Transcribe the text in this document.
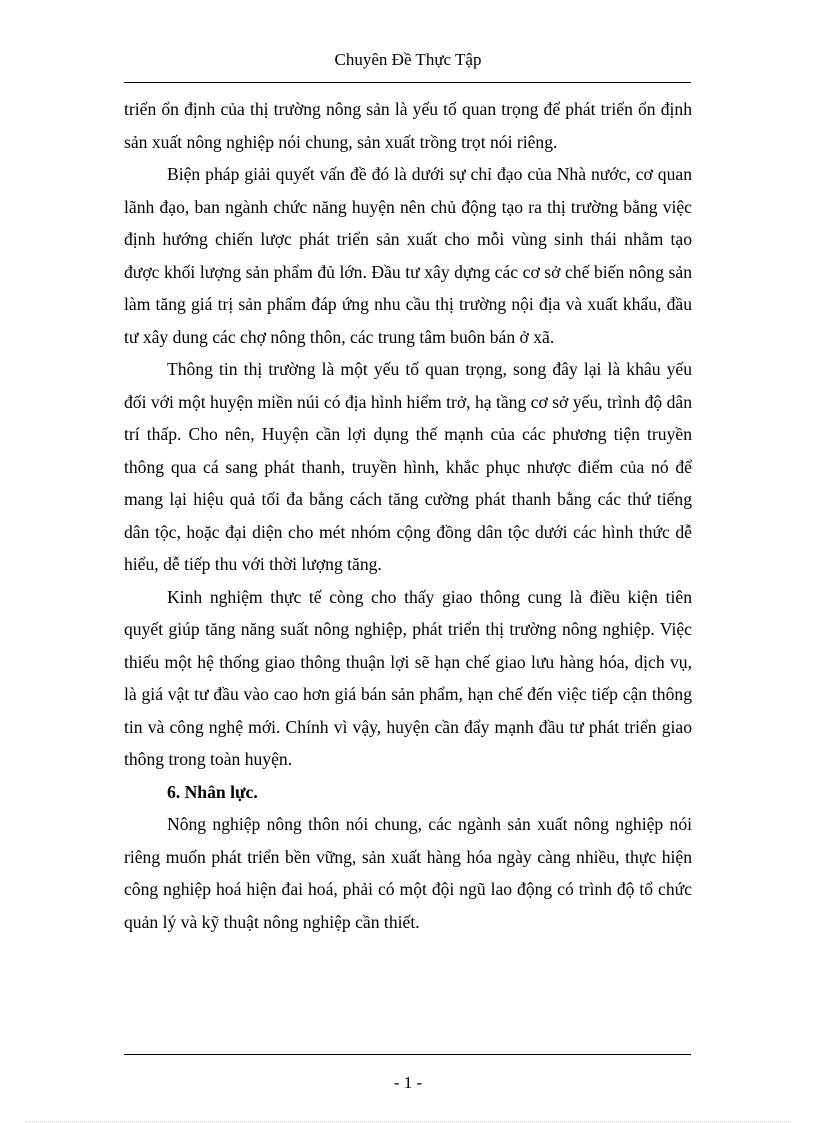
Chuyên Đề Thực Tập

triển ổn định của thị trường nông sản là yếu tố quan trọng để phát triển ổn định sản xuất nông nghiệp nói chung, sản xuất trồng trọt nói riêng.

Biện pháp giải quyết vấn đề đó là dưới sự chỉ đạo của Nhà nước, cơ quan lãnh đạo, ban ngành chức năng huyện nên chủ động tạo ra thị trường bằng việc định hướng chiến lược phát triển sản xuất cho mỗi vùng sinh thái nhằm tạo được khối lượng sản phẩm đủ lớn. Đầu tư xây dựng các cơ sở chế biến nông sản làm tăng giá trị sản phẩm đáp ứng nhu cầu thị trường nội địa và xuất khẩu, đầu tư xây dung các chợ nông thôn, các trung tâm buôn bán ở xã.

Thông tin thị trường là một yếu tố quan trọng, song đây lại là khâu yếu đối với một huyện miền núi có địa hình hiểm trở, hạ tầng cơ sở yếu, trình độ dân trí thấp. Cho nên, Huyện cần lợi dụng thế mạnh của các phương tiện truyền thông qua cá sang phát thanh, truyền hình, khắc phục nhược điểm của nó để mang lại hiệu quả tối đa bằng cách tăng cường phát thanh bằng các thứ tiếng dân tộc, hoặc đại diện cho mét nhóm cộng đồng dân tộc dưới các hình thức dễ hiểu, dễ tiếp thu với thời lượng tăng.

Kinh nghiệm thực tế còng cho thấy giao thông cung là điều kiện tiên quyết giúp tăng năng suất nông nghiệp, phát triển thị trường nông nghiệp. Việc thiếu một hệ thống giao thông thuận lợi sẽ hạn chế giao lưu hàng hóa, dịch vụ, là giá vật tư đầu vào cao hơn giá bán sản phẩm, hạn chế đến việc tiếp cận thông tin và công nghệ mới. Chính vì vậy, huyện cần đẩy mạnh đầu tư phát triển giao thông trong toàn huyện.

6. Nhân lực.

Nông nghiệp nông thôn nói chung, các ngành sản xuất nông nghiệp nói riêng muốn phát triển bền vững, sản xuất hàng hóa ngày càng nhiều, thực hiện công nghiệp hoá hiện đai hoá, phải có một đội ngũ lao động có trình độ tổ chức quản lý và kỹ thuật nông nghiệp cần thiết.

- 1 -
